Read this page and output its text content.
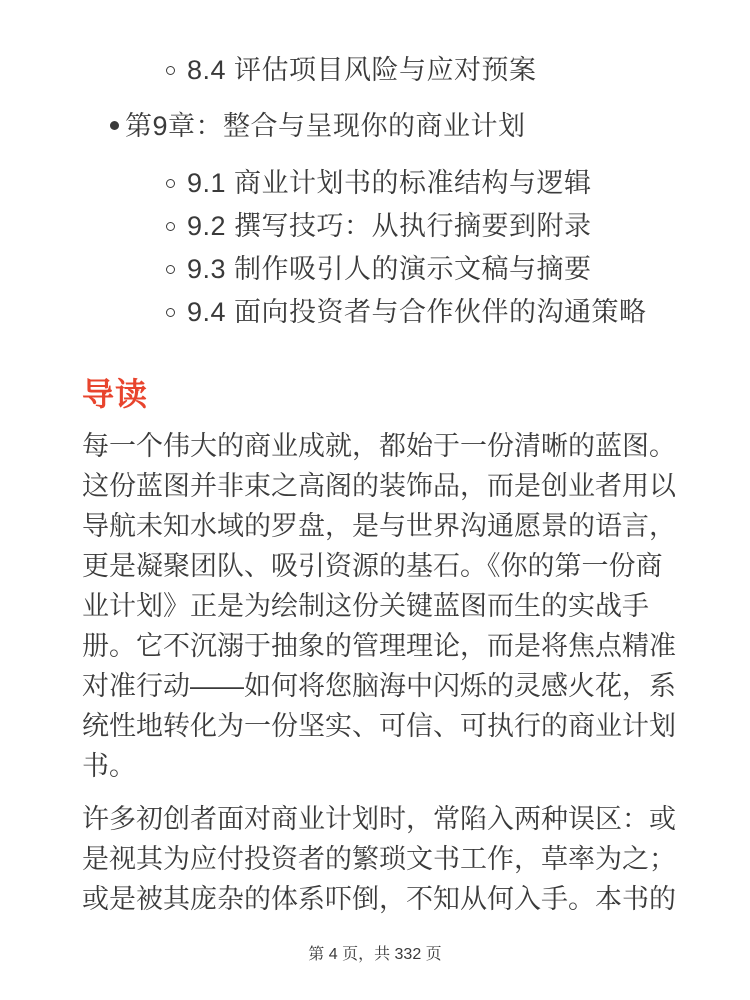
8.4 评估项目风险与应对预案
第9章：整合与呈现你的商业计划
9.1 商业计划书的标准结构与逻辑
9.2 撰写技巧：从执行摘要到附录
9.3 制作吸引人的演示文稿与摘要
9.4 面向投资者与合作伙伴的沟通策略
导读

每一个伟大的商业成就，都始于一份清晰的蓝图。这份蓝图并非束之高阁的装饰品，而是创业者用以导航未知水域的罗盘，是与世界沟通愿景的语言，更是凝聚团队、吸引资源的基石。《你的第一份商业计划》正是为绘制这份关键蓝图而生的实战手册。它不沉溺于抽象的管理理论，而是将焦点精准对准行动——如何将您脑海中闪烁的灵感火花，系统性地转化为一份坚实、可信、可执行的商业计划书。

许多初创者面对商业计划时，常陷入两种误区：或是视其为应付投资者的繁琐文书工作，草率为之；或是被其庞杂的体系吓倒，不知从何入手。本书的

第 4 页，共 332 页
